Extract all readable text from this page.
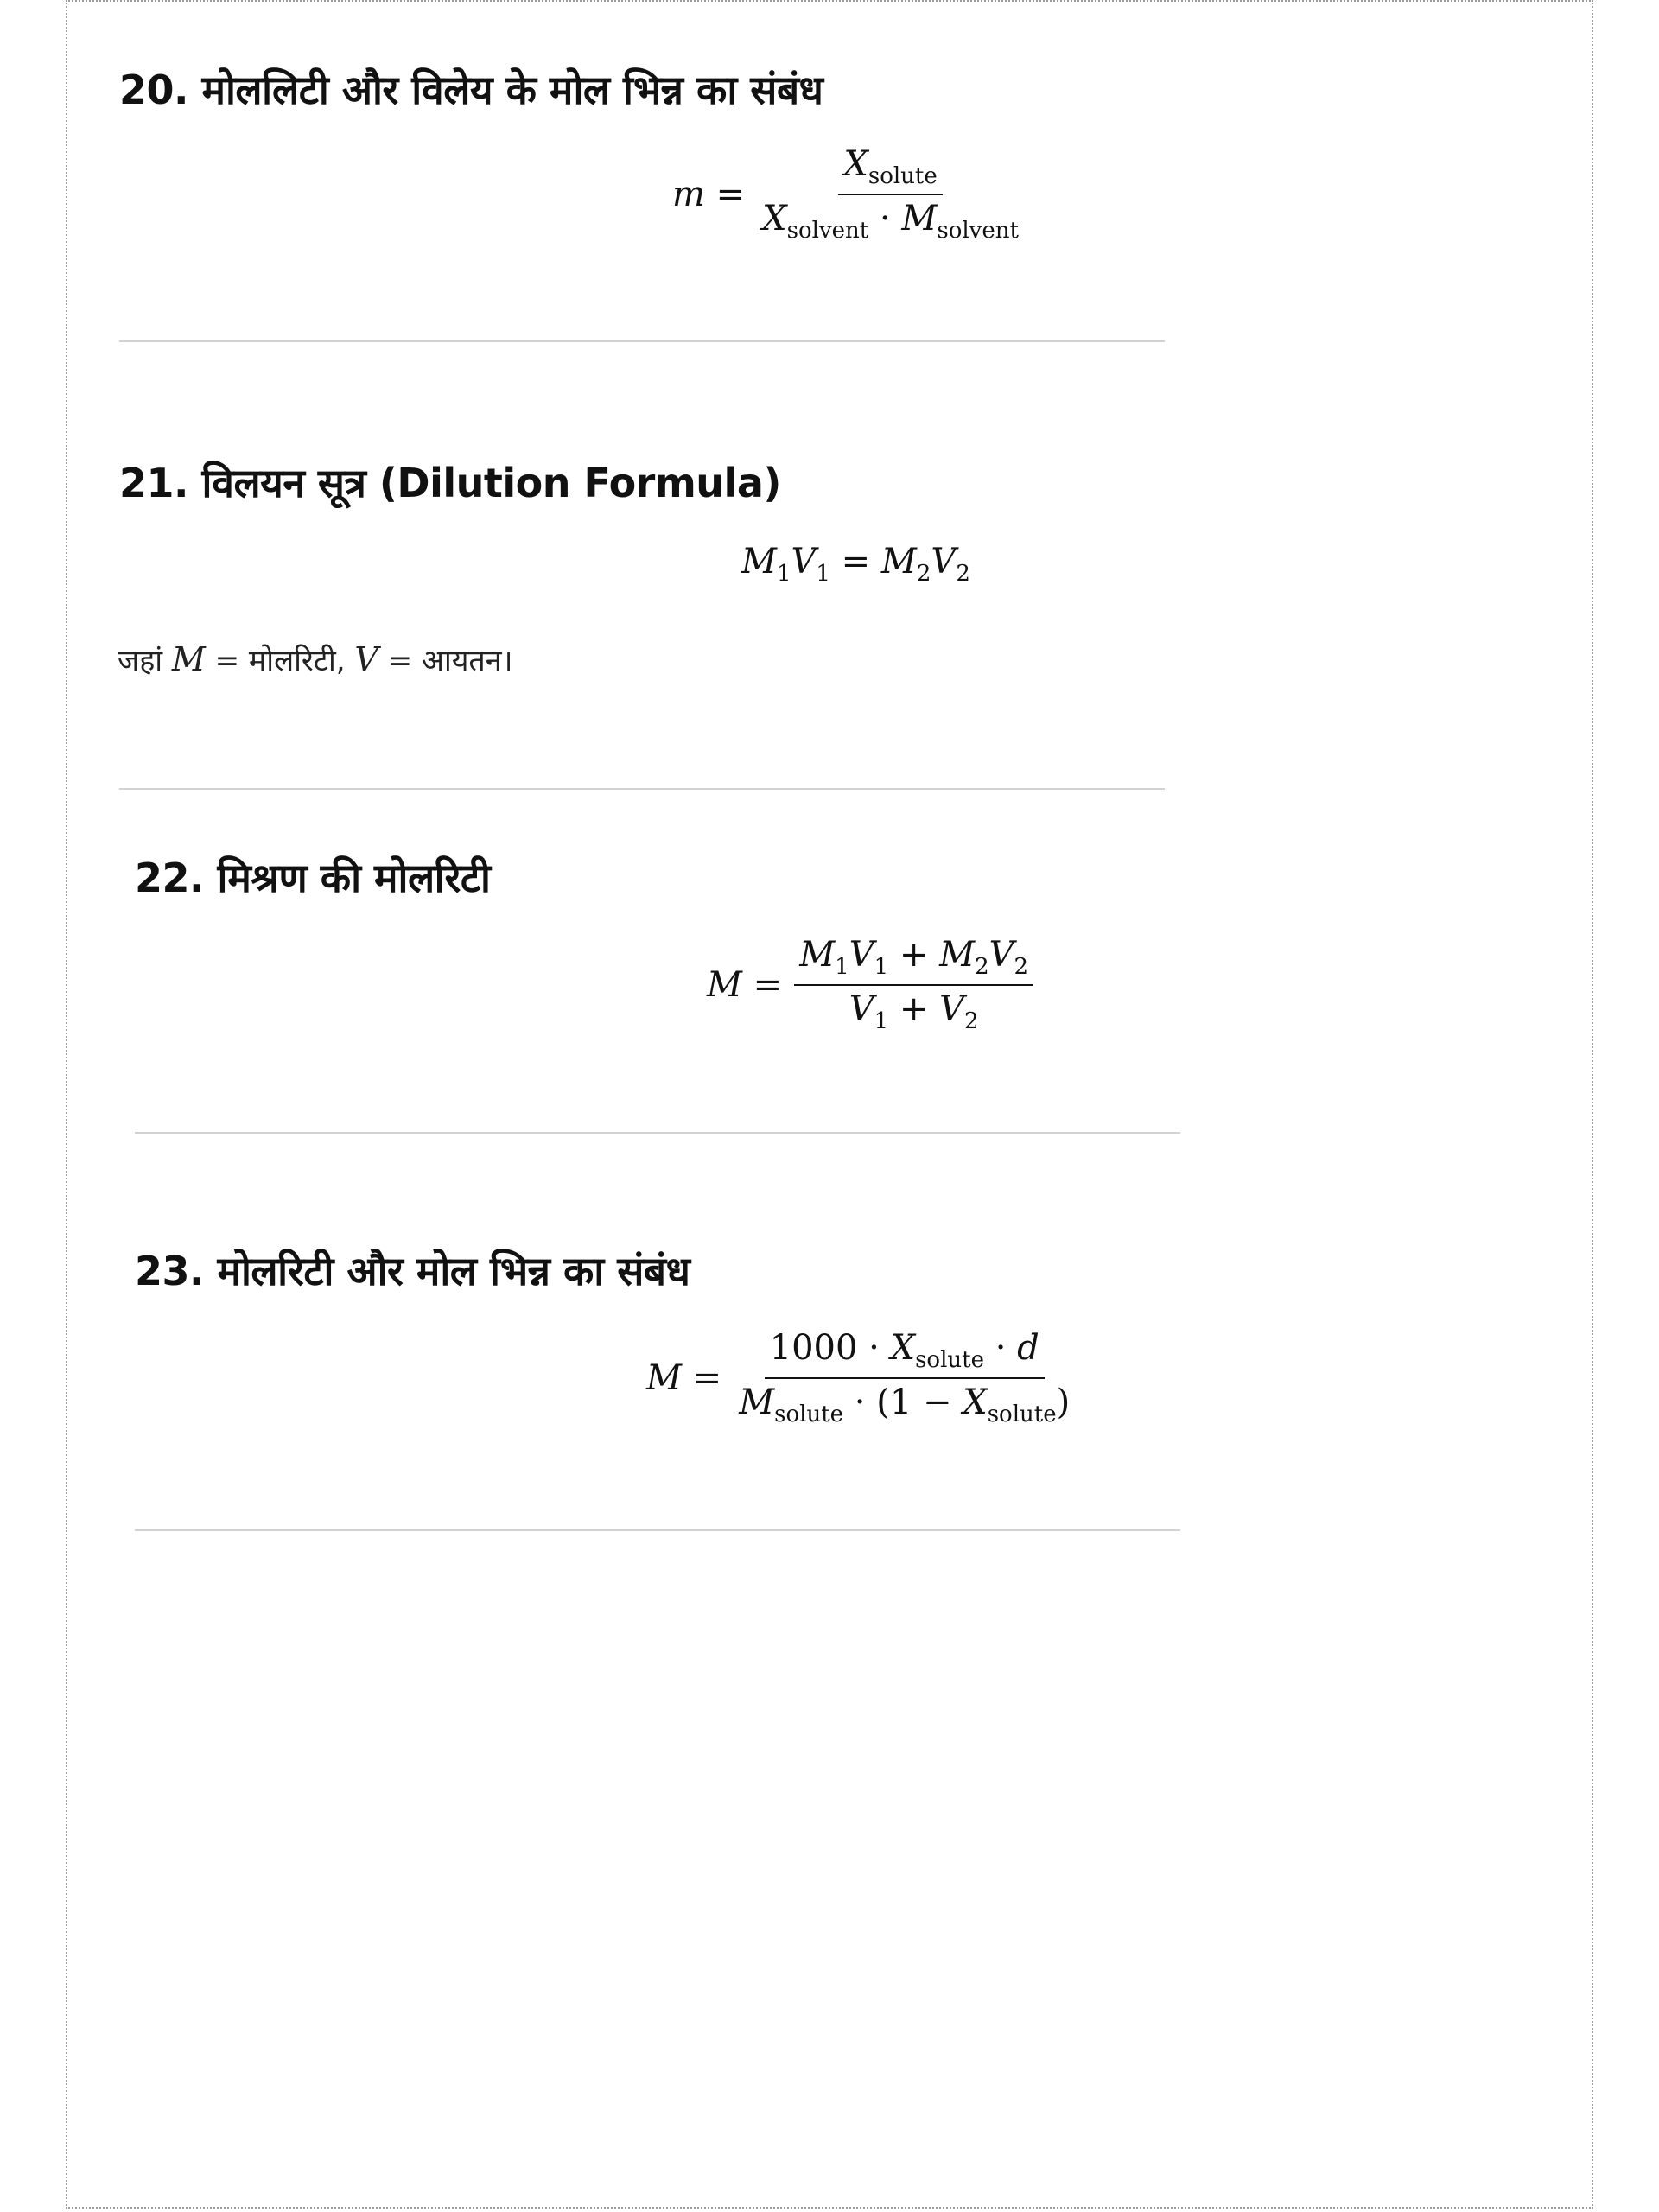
20. मोललिटी और विलेय के मोल भिन्न का संबंध
$m = \frac{X_{solute}}{X_{solvent} \cdot M_{solvent}}$
21. विलयन सूत्र (Dilution Formula)
$M_1V_1 = M_2V_2$
जहां M = मोलरिटी, V = आयतन।
22. मिश्रण की मोलरिटी
$M = \frac{M_1V_1 + M_2V_2}{V_1 + V_2}$
23. मोलरिटी और मोल भिन्न का संबंध
$M = \frac{1000 \cdot X_{solute} \cdot d}{M_{solute} \cdot (1 - X_{solute})}$
